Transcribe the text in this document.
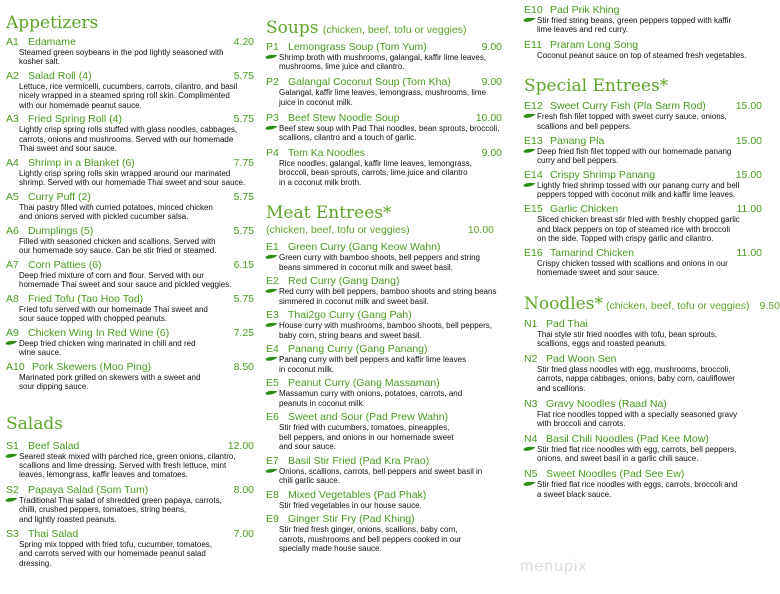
Appetizers
A1 Edamame	4.20
Steamed green soybeans in the pod lightly seasoned with
kosher salt.
A2 Salad Roll (4)	5.75
Lettuce, rice vermicelli, cucumbers, carrots, cilantro, and basil
nicely wrapped in a steamed spring roll skin. Complimented
with our homemade peanut sauce.
A3 Fried Spring Roll (4)	5.75
Lightly crisp spring rolls stuffed with glass noodles, cabbages,
carrots, onions and mushrooms. Served with our homemade
Thai sweet and sour sauce.
A4 Shrimp in a Blanket (6)	7.75
Lightly crisp spring rolls skin wrapped around our marinated
shrimp. Served with our homemade Thai sweet and sour sauce.
A5 Curry Puff (2)	5.75
Thai pastry filled with curried potatoes, minced chicken
and onions served with pickled cucumber salsa.
A6 Dumplings (5)	5.75
Filled with seasoned chicken and scallions. Served with
our homemade soy sauce. Can be stir fried or steamed.
A7 Corn Patties (6)	6.15
Deep fried mixture of corn and flour. Served with our
homemade Thai sweet and sour sauce and pickled veggies.
A8 Fried Tofu (Tao Hoo Tod)	5.75
Fried tofu served with our homemade Thai sweet and
sour sauce topped with chopped peanuts.
A9 Chicken Wing In Red Wine (6)	7.25
Deep fried chicken wing marinated in chili and red
wine sauce.
A10 Pork Skewers (Moo Ping)	8.50
Marinated pork grilled on skewers with a sweet and
sour dipping sauce.
Salads
S1 Beef Salad	12.00
Seared steak mixed with parched rice, green onions, cilantro,
scallions and lime dressing. Served with fresh lettuce, mint
leaves, lemongrass, kaffir leaves and tomatoes.
S2 Papaya Salad (Som Tum)	8.00
Traditional Thai salad of shredded green papaya, carrots,
chilli, crushed peppers, tomatoes, string beans,
and lightly roasted peanuts.
S3 Thai Salad	7.00
Spring mix topped with fried tofu, cucumber, tomatoes,
and carrots served with our homemade peanut salad
dressing.
Soups (chicken, beef, tofu or veggies)
P1 Lemongrass Soup (Tom Yum)	9.00
Shrimp broth with mushrooms, galangal, kaffir lime leaves,
mushrooms, lime juice and cilantro.
P2 Galangal Coconut Soup (Tom Kha)	9.00
Galangal, kaffir lime leaves, lemongrass, mushrooms, lime
juice in coconut milk.
P3 Beef Stew Noodle Soup	10.00
Beef stew soup with Pad Thai noodles, bean sprouts, broccoli,
scallions, cilantro and a touch of garlic.
P4 Tom Ka Noodles	9.00
Rice noodles, galangal, kaffir lime leaves, lemongrass,
broccoli, bean sprouts, carrots, lime juice and cilantro
in a coconut milk broth.
Meat Entrees*
(chicken, beef, tofu or veggies)	10.00
E1 Green Curry (Gang Keow Wahn)
Green curry with bamboo shoots, bell peppers and string
beans simmered in coconut milk and sweet basil.
E2 Red Curry (Gang Dang)
Red curry with bell peppers, bamboo shoots and string beans
simmered in coconut milk and sweet basil.
E3 Thai2go Curry (Gang Pah)
House curry with mushrooms, bamboo shoots, bell peppers,
baby corn, string beans and sweet basil.
E4 Panang Curry (Gang Panang)
Panang curry with bell peppers and kaffir lime leaves
in coconut milk.
E5 Peanut Curry (Gang Massaman)
Massamun curry with onions, potatoes, carrots, and
peanuts in coconut milk.
E6 Sweet and Sour (Pad Prew Wahn)
Stir fried with cucumbers, tomatoes, pineapples,
bell peppers, and onions in our homemade sweet
and sour sauce.
E7 Basil Stir Fried (Pad Kra Prao)
Onions, scallions, carrots, bell peppers and sweet basil in
chili garlic sauce.
E8 Mixed Vegetables (Pad Phak)
Stir fried vegetables in our house sauce.
E9 Ginger Stir Fry (Pad Khing)
Stir fried fresh ginger, onions, scallions, baby corn,
carrots, mushrooms and bell peppers cooked in our
specially made house sauce.
E10 Pad Prik Khing
Stir fried string beans, green peppers topped with kaffir
lime leaves and red curry.
E11 Praram Long Song
Coconut peanut sauce on top of steamed fresh vegetables.
Special Entrees*
E12 Sweet Curry Fish (Pla Sarm Rod)	15.00
Fresh fish filet topped with sweet curry sauce, onions,
scallions and bell peppers.
E13 Panang Pla	15.00
Deep fried fish filet topped with our homemade panang
curry and bell peppers.
E14 Crispy Shrimp Panang	15.00
Lightly fried shrimp tossed with our panang curry and bell
peppers topped with coconut milk and kaffir lime leaves.
E15 Garlic Chicken	11.00
Sliced chicken breast stir fried with freshly chopped garlic
and black peppers on top of steamed rice with broccoli
on the side. Topped with crispy garlic and cilantro.
E16 Tamarind Chicken	11.00
Crispy chicken tossed with scallions and onions in our
homemade sweet and sour sauce.
Noodles* (chicken, beef, tofu or veggies) 9.50
N1 Pad Thai
Thai style stir fried noodles with tofu, bean sprouts,
scallions, eggs and roasted peanuts.
N2 Pad Woon Sen
Stir fried glass noodles with egg, mushrooms, broccoli,
carrots, nappa cabbages, onions, baby corn, cauliflower
and scallions.
N3 Gravy Noodles (Raad Na)
Flat rice noodles topped with a specially seasoned gravy
with broccoli and carrots.
N4 Basil Chili Noodles (Pad Kee Mow)
Stir fried flat rice noodles with egg, carrots, bell peppers,
onions, and sweet basil in a garlic chili sauce.
N5 Sweet Noodles (Pad See Ew)
Stir fried flat rice noodles with eggs, carrots, broccoli and
a sweet black sauce.
menupix
